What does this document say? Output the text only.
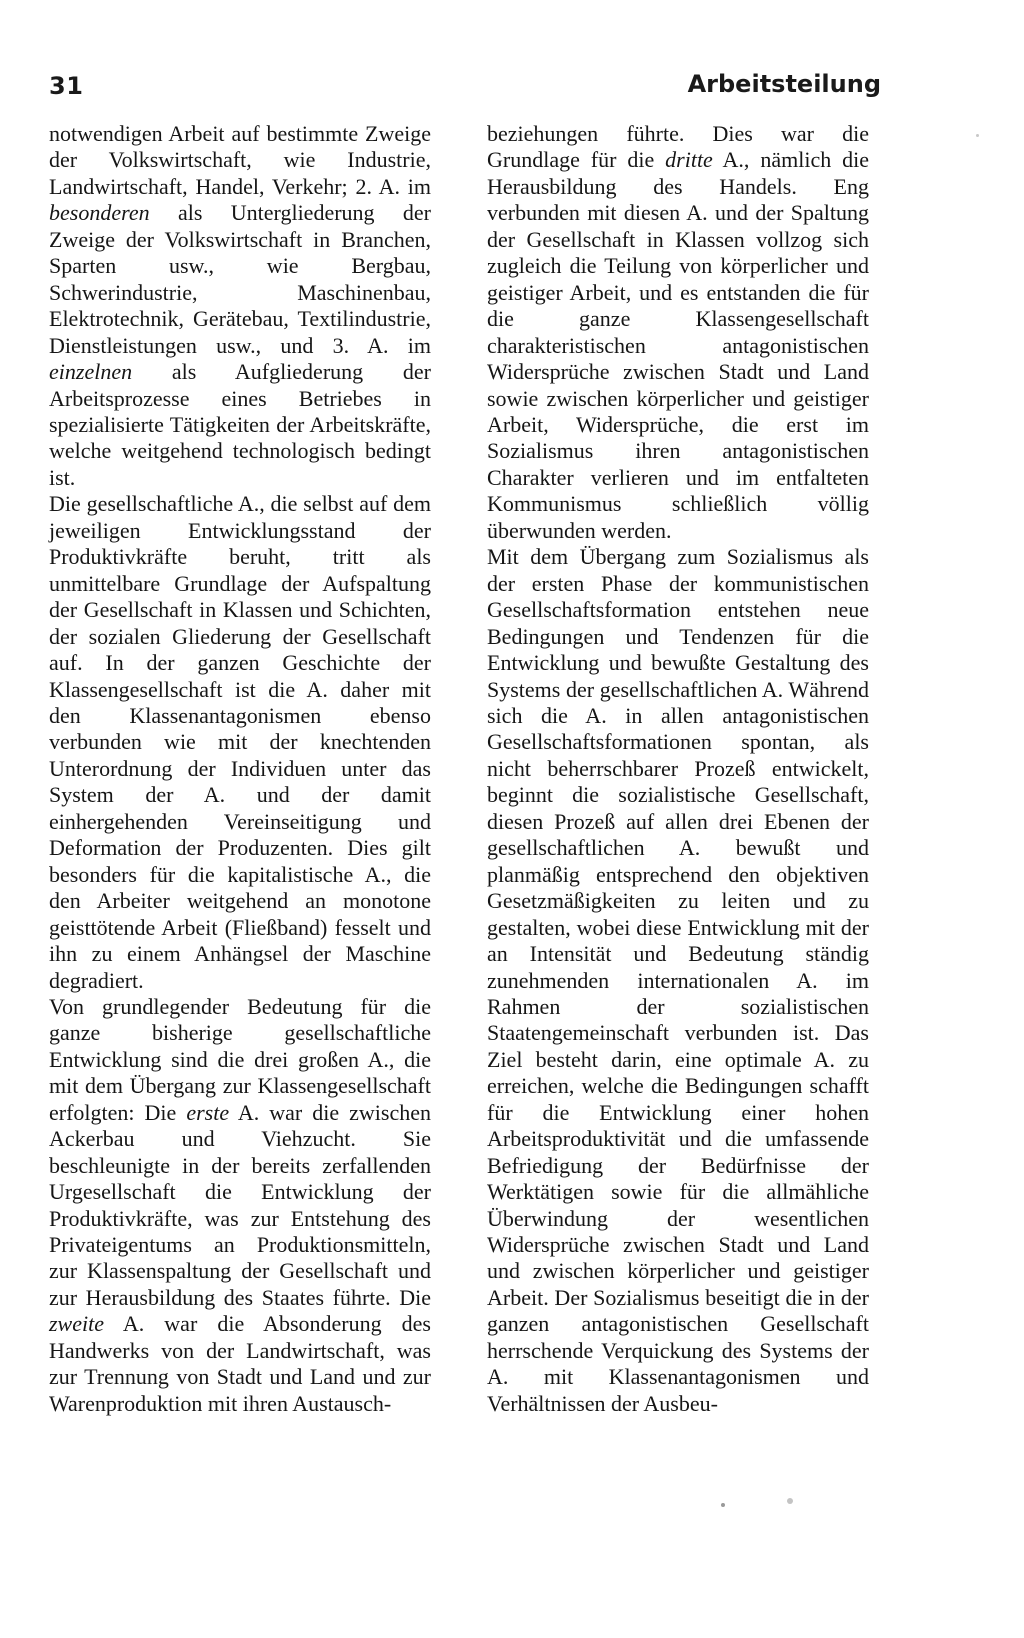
31	Arbeitsteilung

notwendigen Arbeit auf bestimmte Zweige der Volkswirtschaft, wie Industrie, Landwirtschaft, Handel, Verkehr; 2. A. im besonderen als Untergliederung der Zweige der Volkswirtschaft in Branchen, Sparten usw., wie Bergbau, Schwerindustrie, Maschinenbau, Elektrotechnik, Gerätebau, Textilindustrie, Dienstleistungen usw., und 3. A. im einzelnen als Aufgliederung der Arbeitsprozesse eines Betriebes in spezialisierte Tätigkeiten der Arbeitskräfte, welche weitgehend technologisch bedingt ist.

Die gesellschaftliche A., die selbst auf dem jeweiligen Entwicklungsstand der Produktivkräfte beruht, tritt als unmittelbare Grundlage der Aufspaltung der Gesellschaft in Klassen und Schichten, der sozialen Gliederung der Gesellschaft auf. In der ganzen Geschichte der Klassengesellschaft ist die A. daher mit den Klassenantagonismen ebenso verbunden wie mit der knechtenden Unterordnung der Individuen unter das System der A. und der damit einhergehenden Vereinseitigung und Deformation der Produzenten. Dies gilt besonders für die kapitalistische A., die den Arbeiter weitgehend an monotone geisttötende Arbeit (Fließband) fesselt und ihn zu einem Anhängsel der Maschine degradiert.

Von grundlegender Bedeutung für die ganze bisherige gesellschaftliche Entwicklung sind die drei großen A., die mit dem Übergang zur Klassengesellschaft erfolgten: Die erste A. war die zwischen Ackerbau und Viehzucht. Sie beschleunigte in der bereits zerfallenden Urgesellschaft die Entwicklung der Produktivkräfte, was zur Entstehung des Privateigentums an Produktionsmitteln, zur Klassenspaltung der Gesellschaft und zur Herausbildung des Staates führte. Die zweite A. war die Absonderung des Handwerks von der Landwirtschaft, was zur Trennung von Stadt und Land und zur Warenproduktion mit ihren Austausch-

beziehungen führte. Dies war die Grundlage für die dritte A., nämlich die Herausbildung des Handels. Eng verbunden mit diesen A. und der Spaltung der Gesellschaft in Klassen vollzog sich zugleich die Teilung von körperlicher und geistiger Arbeit, und es entstanden die für die ganze Klassengesellschaft charakteristischen antagonistischen Widersprüche zwischen Stadt und Land sowie zwischen körperlicher und geistiger Arbeit, Widersprüche, die erst im Sozialismus ihren antagonistischen Charakter verlieren und im entfalteten Kommunismus schließlich völlig überwunden werden.

Mit dem Übergang zum Sozialismus als der ersten Phase der kommunistischen Gesellschaftsformation entstehen neue Bedingungen und Tendenzen für die Entwicklung und bewußte Gestaltung des Systems der gesellschaftlichen A. Während sich die A. in allen antagonistischen Gesellschaftsformationen spontan, als nicht beherrschbarer Prozeß entwickelt, beginnt die sozialistische Gesellschaft, diesen Prozeß auf allen drei Ebenen der gesellschaftlichen A. bewußt und planmäßig entsprechend den objektiven Gesetzmäßigkeiten zu leiten und zu gestalten, wobei diese Entwicklung mit der an Intensität und Bedeutung ständig zunehmenden internationalen A. im Rahmen der sozialistischen Staatengemeinschaft verbunden ist. Das Ziel besteht darin, eine optimale A. zu erreichen, welche die Bedingungen schafft für die Entwicklung einer hohen Arbeitsproduktivität und die umfassende Befriedigung der Bedürfnisse der Werktätigen sowie für die allmähliche Überwindung der wesentlichen Widersprüche zwischen Stadt und Land und zwischen körperlicher und geistiger Arbeit. Der Sozialismus beseitigt die in der ganzen antagonistischen Gesellschaft herrschende Verquickung des Systems der A. mit Klassenantagonismen und Verhältnissen der Ausbeu-
